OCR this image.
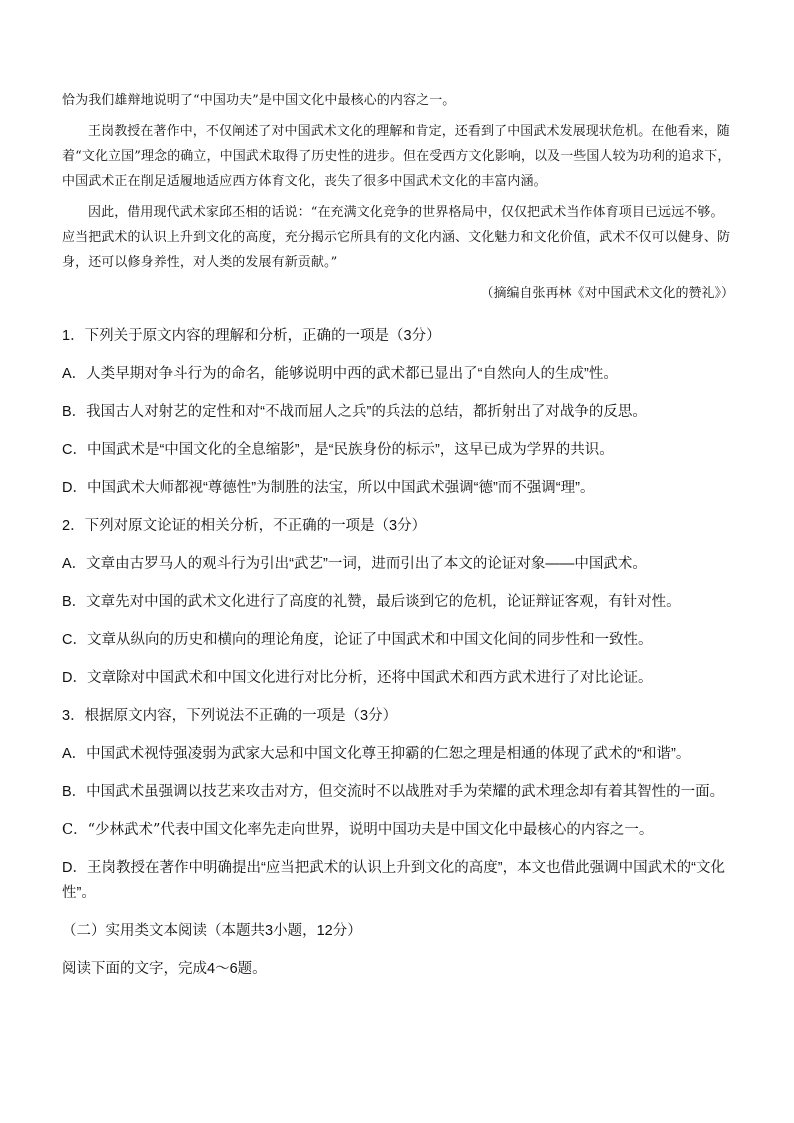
恰为我们雄辩地说明了“中国功夫”是中国文化中最核心的内容之一。

王岗教授在著作中，不仅阐述了对中国武术文化的理解和肯定，还看到了中国武术发展现状危机。在他看来，随着“文化立国”理念的确立，中国武术取得了历史性的进步。但在受西方文化影响，以及一些国人较为功利的追求下，中国武术正在削足适履地适应西方体育文化，丧失了很多中国武术文化的丰富内涵。

因此，借用现代武术家邱丕相的话说：“在充满文化竞争的世界格局中，仅仅把武术当作体育项目已远远不够。应当把武术的认识上升到文化的高度，充分揭示它所具有的文化内涵、文化魅力和文化价值，武术不仅可以健身、防身，还可以修身养性，对人类的发展有新贡献。”

（摘编自张再林《对中国武术文化的赞礼》）

1．下列关于原文内容的理解和分析，正确的一项是（3分）

A．人类早期对争斗行为的命名，能够说明中西的武术都已显出了“自然向人的生成”性。

B．我国古人对射艺的定性和对“不战而屈人之兵”的兵法的总结，都折射出了对战争的反思。

C．中国武术是“中国文化的全息缩影”，是“民族身份的标示”，这早已成为学界的共识。

D．中国武术大师都视“尊德性”为制胜的法宝，所以中国武术强调“德”而不强调“理”。

2．下列对原文论证的相关分析，不正确的一项是（3分）

A．文章由古罗马人的观斗行为引出“武艺”一词，进而引出了本文的论证对象——中国武术。

B．文章先对中国的武术文化进行了高度的礼赞，最后谈到它的危机，论证辩证客观，有针对性。

C．文章从纵向的历史和横向的理论角度，论证了中国武术和中国文化间的同步性和一致性。

D．文章除对中国武术和中国文化进行对比分析，还将中国武术和西方武术进行了对比论证。

3．根据原文内容，下列说法不正确的一项是（3分）

A．中国武术视恃强凌弱为武家大忌和中国文化尊王抑霸的仁恕之理是相通的体现了武术的“和谐”。

B．中国武术虽强调以技艺来攻击对方，但交流时不以战胜对手为荣耀的武术理念却有着其智性的一面。

C．“少林武术”代表中国文化率先走向世界，说明中国功夫是中国文化中最核心的内容之一。

D．王岗教授在著作中明确提出“应当把武术的认识上升到文化的高度”，本文也借此强调中国武术的“文化性”。

（二）实用类文本阅读（本题共3小题，12分）

阅读下面的文字，完成4～6题。
